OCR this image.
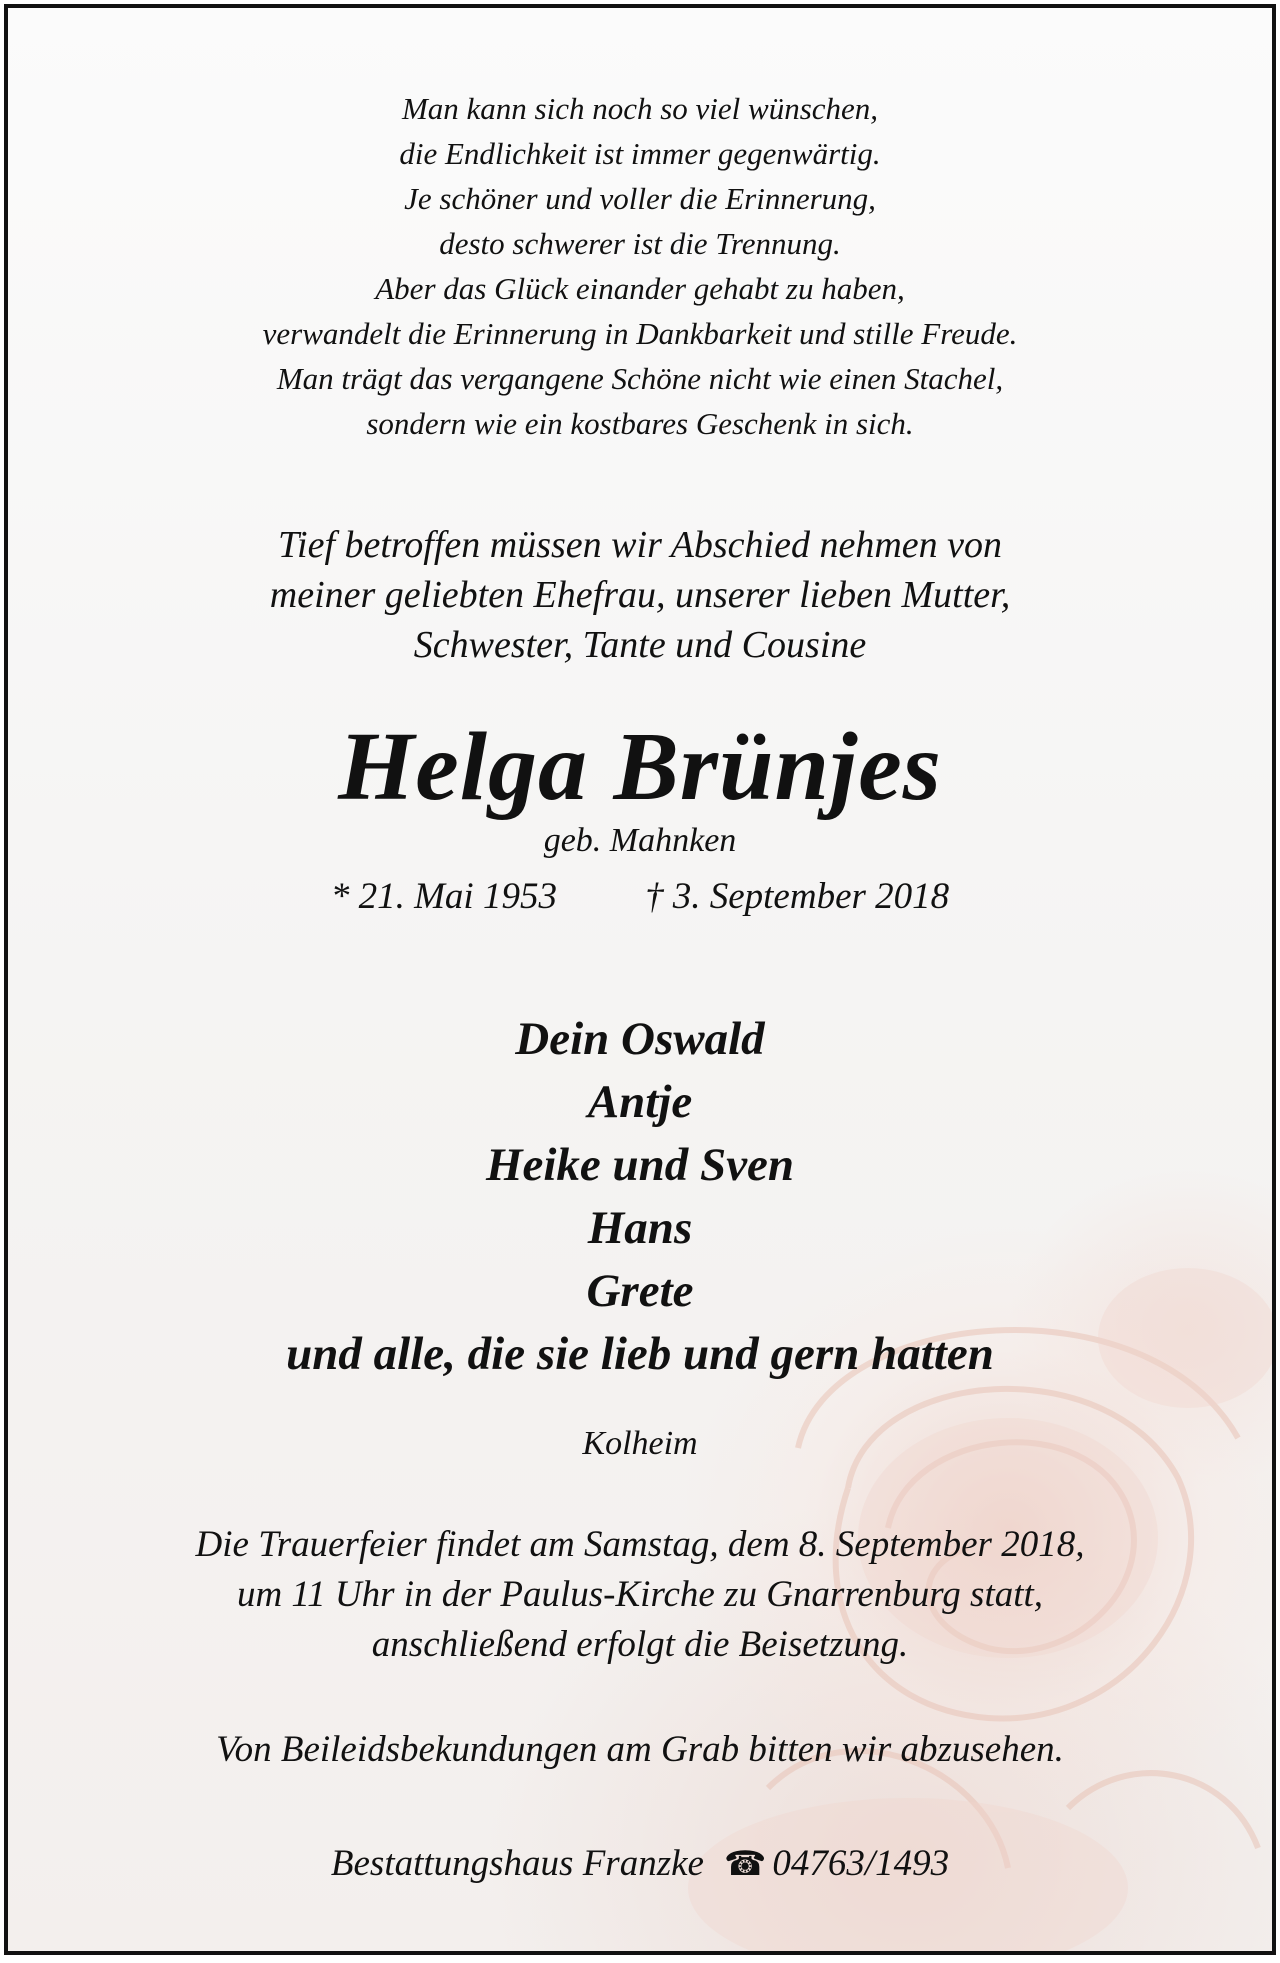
Man kann sich noch so viel wünschen,
die Endlichkeit ist immer gegenwärtig.
Je schöner und voller die Erinnerung,
desto schwerer ist die Trennung.
Aber das Glück einander gehabt zu haben,
verwandelt die Erinnerung in Dankbarkeit und stille Freude.
Man trägt das vergangene Schöne nicht wie einen Stachel,
sondern wie ein kostbares Geschenk in sich.
Tief betroffen müssen wir Abschied nehmen von
meiner geliebten Ehefrau, unserer lieben Mutter,
Schwester, Tante und Cousine
Helga Brünjes
geb. Mahnken
* 21. Mai 1953 † 3. September 2018
Dein Oswald
Antje
Heike und Sven
Hans
Grete
und alle, die sie lieb und gern hatten
Kolheim
Die Trauerfeier findet am Samstag, dem 8. September 2018,
um 11 Uhr in der Paulus-Kirche zu Gnarrenburg statt,
anschließend erfolgt die Beisetzung.
Von Beileidsbekundungen am Grab bitten wir abzusehen.
Bestattungshaus Franzke ☎ 04763/1493
